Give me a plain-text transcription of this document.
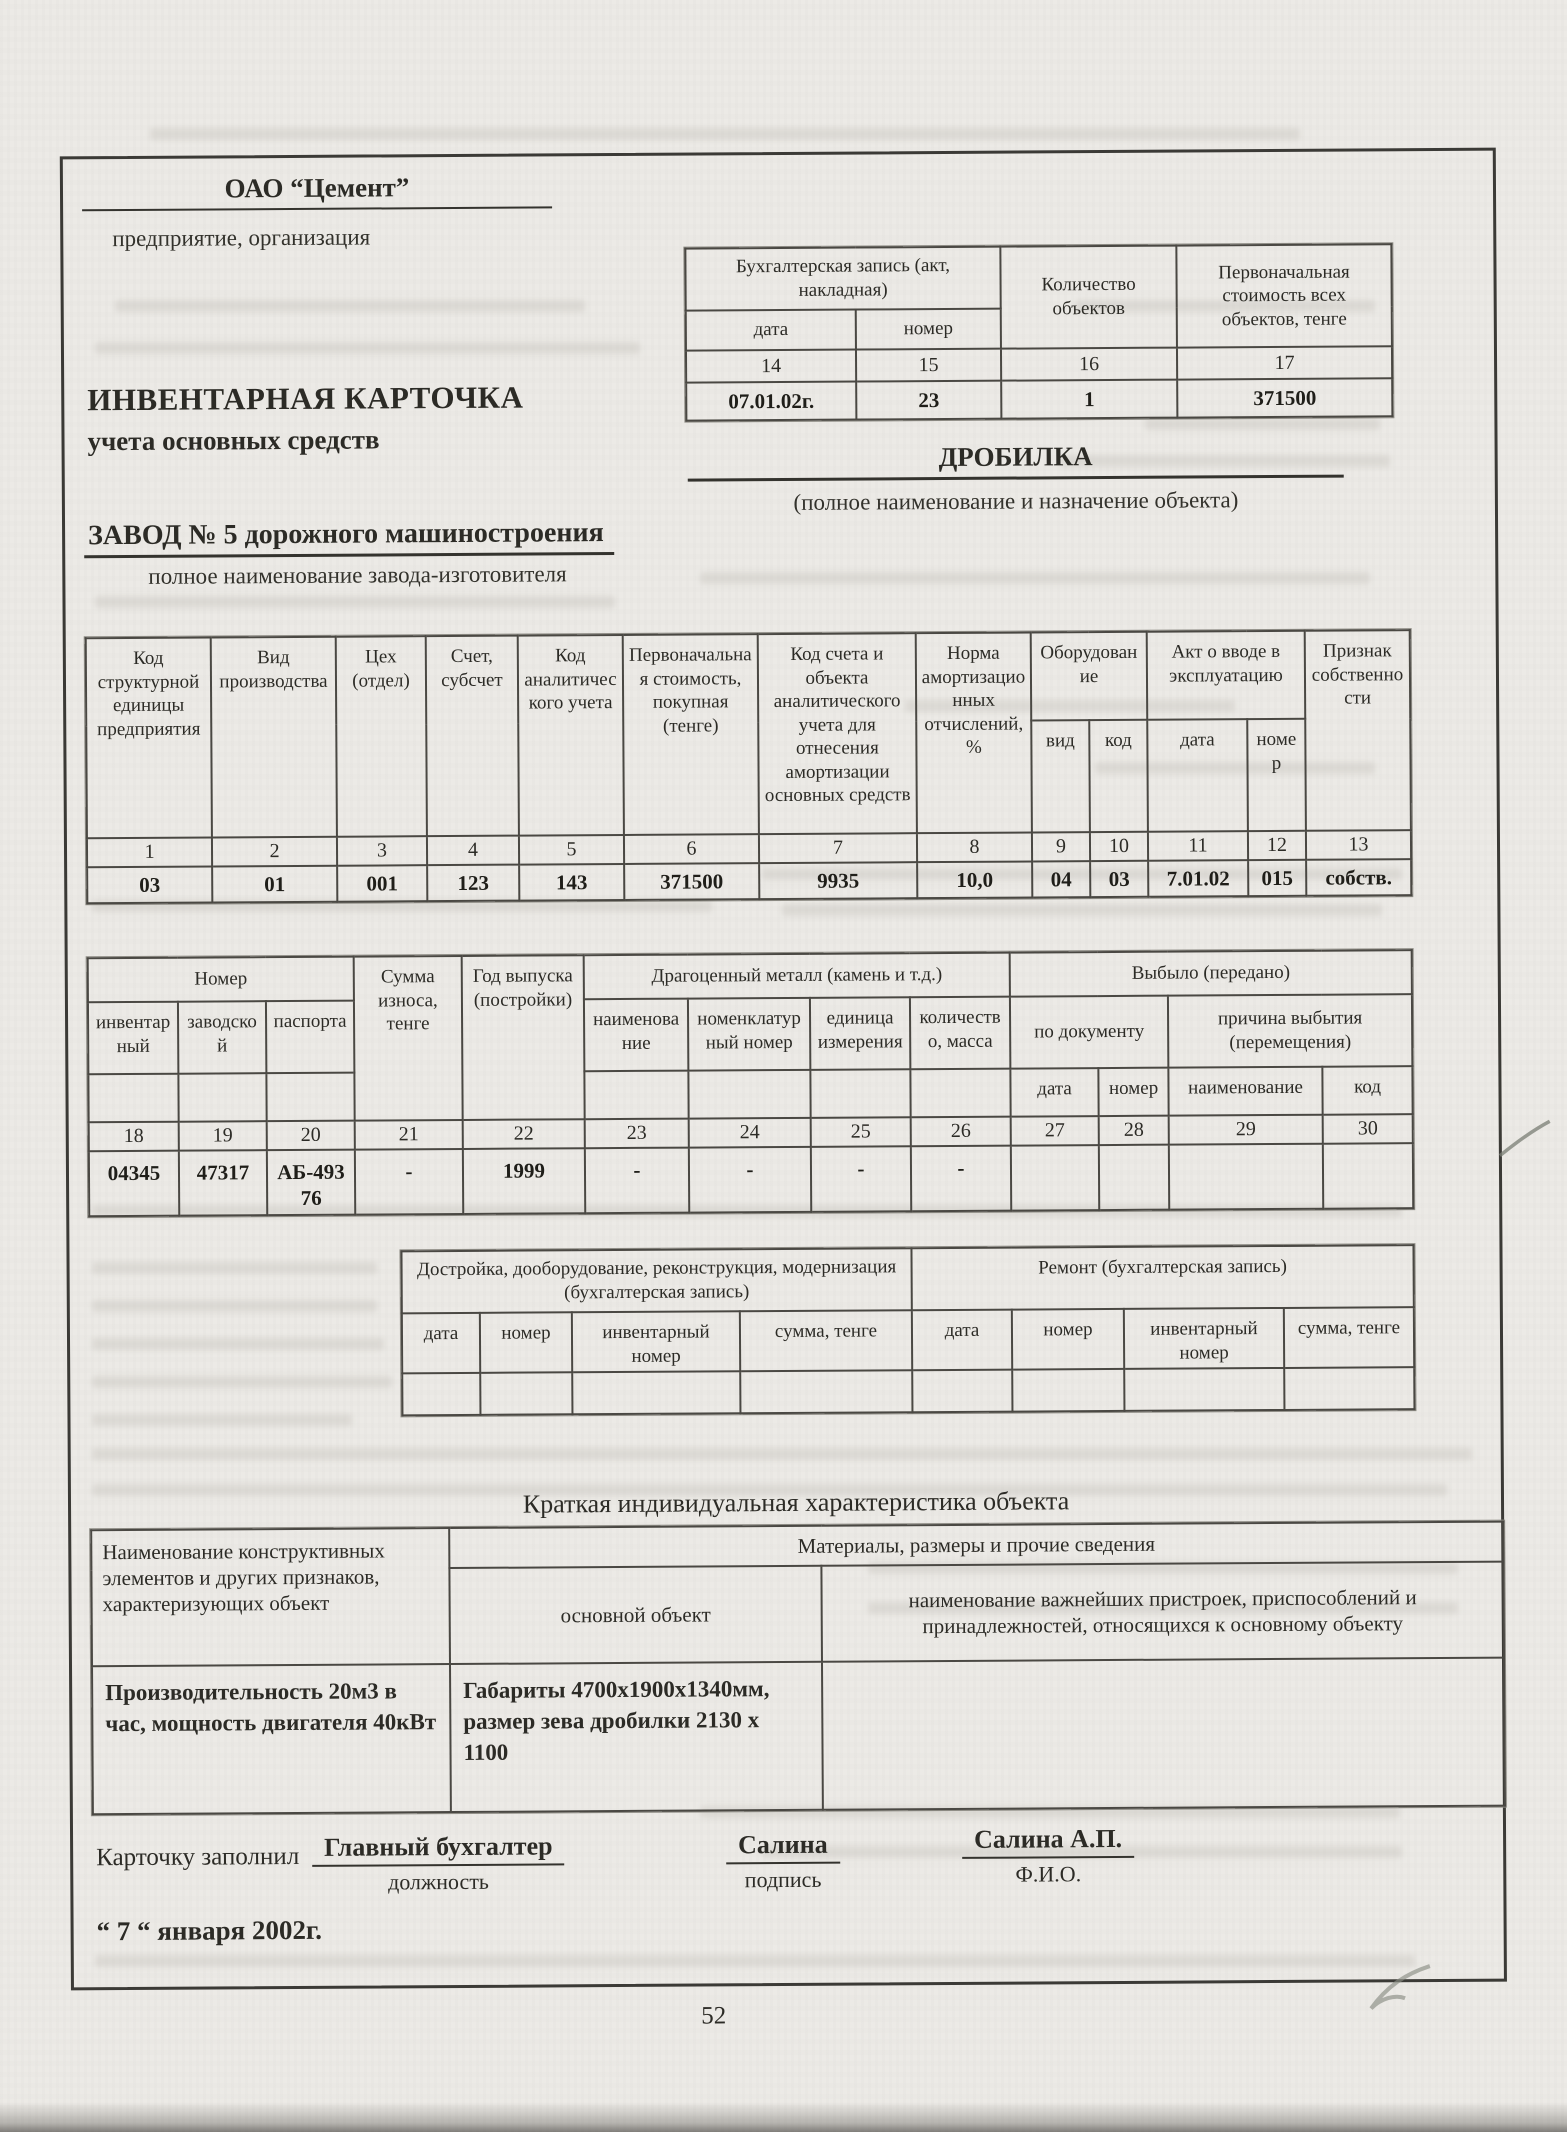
ОАО “Цемент”
предприятие, организация
Бухгалтерская запись (акт, накладная)		Количество объектов	Первоначальная стоимость всех объектов, тенге
дата	номер		
14	15	16	17
07.01.02г.	23	1	371500
ИНВЕНТАРНАЯ КАРТОЧКА
учета основных средств
ДРОБИЛКА
(полное наименование и назначение объекта)
ЗАВОД № 5 дорожного машиностроения
полное наименование завода-изготовителя
Код структурной единицы предприятия	Вид производства	Цех (отдел)	Счет, субсчет	Код аналитического учета	Первоначальная стоимость, покупная (тенге)	Код счета и объекта аналитического учета для отнесения амортизации основных средств	Норма амортизационных отчислений, %	Оборудование		Акт о вводе в эксплуатацию		Признак собственности
								вид	код	дата	номер	
1	2	3	4	5	6	7	8	9	10	11	12	13
03	01	001	123	143	371500	9935	10,0	04	03	7.01.02	015	собств.
Номер			Сумма износа, тенге	Год выпуска (постройки)	Драгоценный металл (камень и т.д.)				Выбыло (передано)			
инвентарный	заводской	паспорта			наименование	номенклатурный номер	единица измерения	количество, масса	по документу		причина выбытия (перемещения)	
									дата	номер	наименование	код
18	19	20	21	22	23	24	25	26	27	28	29	30
04345	47317	АБ-49376	-	1999	-	-	-	-				
Достройка, дооборудование, реконструкция, модернизация (бухгалтерская запись)				Ремонт (бухгалтерская запись)			
дата	номер	инвентарный номер	сумма, тенге	дата	номер	инвентарный номер	сумма, тенге

Краткая индивидуальная характеристика объекта
Наименование конструктивных элементов и других признаков, характеризующих объект	Материалы, размеры и прочие сведения	
	основной объект	наименование важнейших пристроек, приспособлений и принадлежностей, относящихся к основному объекту
Производительность 20м3 в час, мощность двигателя 40кВт	Габариты 4700х1900х1340мм, размер зева дробилки 2130 х 1100	
Карточку заполнил Главный бухгалтер
должность
Салина
подпись
Салина А.П.
Ф.И.О.
“ 7 “ января 2002г.
52
